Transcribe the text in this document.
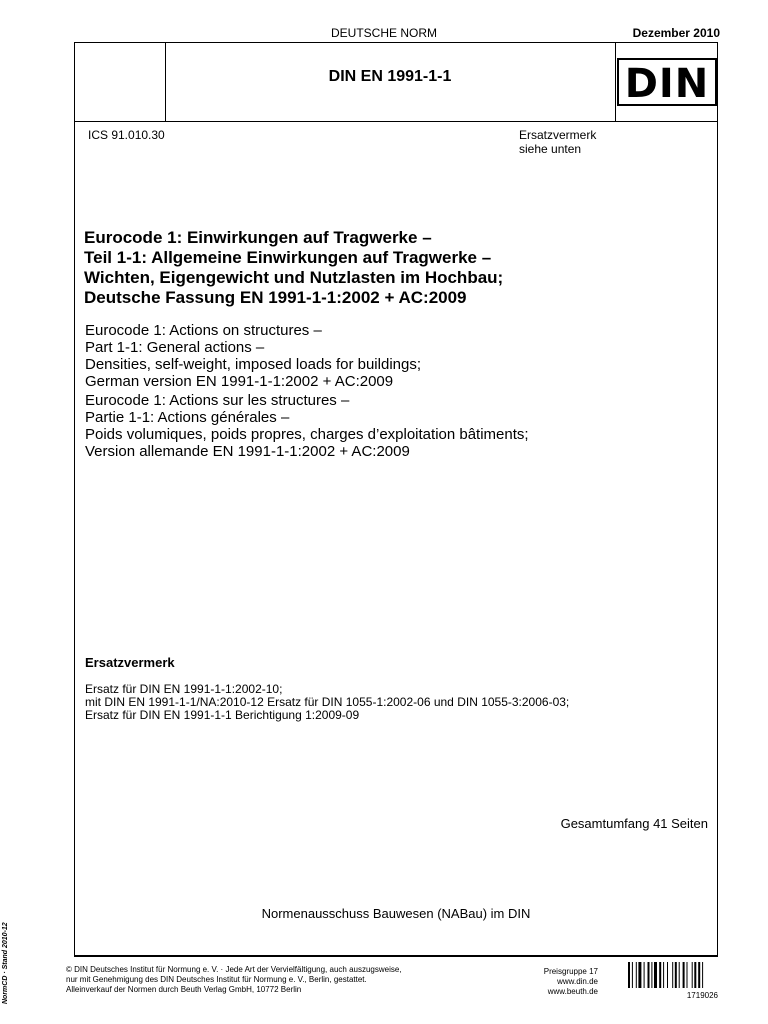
DEUTSCHE NORM	Dezember 2010
DIN EN 1991-1-1	DIN
ICS 91.010.30	Ersatzvermerk
siehe unten
Eurocode 1: Einwirkungen auf Tragwerke –
Teil 1-1: Allgemeine Einwirkungen auf Tragwerke –
Wichten, Eigengewicht und Nutzlasten im Hochbau;
Deutsche Fassung EN 1991-1-1:2002 + AC:2009
Eurocode 1: Actions on structures –
Part 1-1: General actions –
Densities, self-weight, imposed loads for buildings;
German version EN 1991-1-1:2002 + AC:2009
Eurocode 1: Actions sur les structures –
Partie 1-1: Actions générales –
Poids volumiques, poids propres, charges d’exploitation bâtiments;
Version allemande EN 1991-1-1:2002 + AC:2009
Ersatzvermerk
Ersatz für DIN EN 1991-1-1:2002-10;
mit DIN EN 1991-1-1/NA:2010-12 Ersatz für DIN 1055-1:2002-06 und DIN 1055-3:2006-03;
Ersatz für DIN EN 1991-1-1 Berichtigung 1:2009-09
Gesamtumfang 41 Seiten
Normenausschuss Bauwesen (NABau) im DIN
© DIN Deutsches Institut für Normung e. V. · Jede Art der Vervielfältigung, auch auszugsweise,
nur mit Genehmigung des DIN Deutsches Institut für Normung e. V., Berlin, gestattet.
Alleinverkauf der Normen durch Beuth Verlag GmbH, 10772 Berlin
Preisgruppe 17
www.din.de
www.beuth.de	1719026
NormCD · Stand 2010-12
